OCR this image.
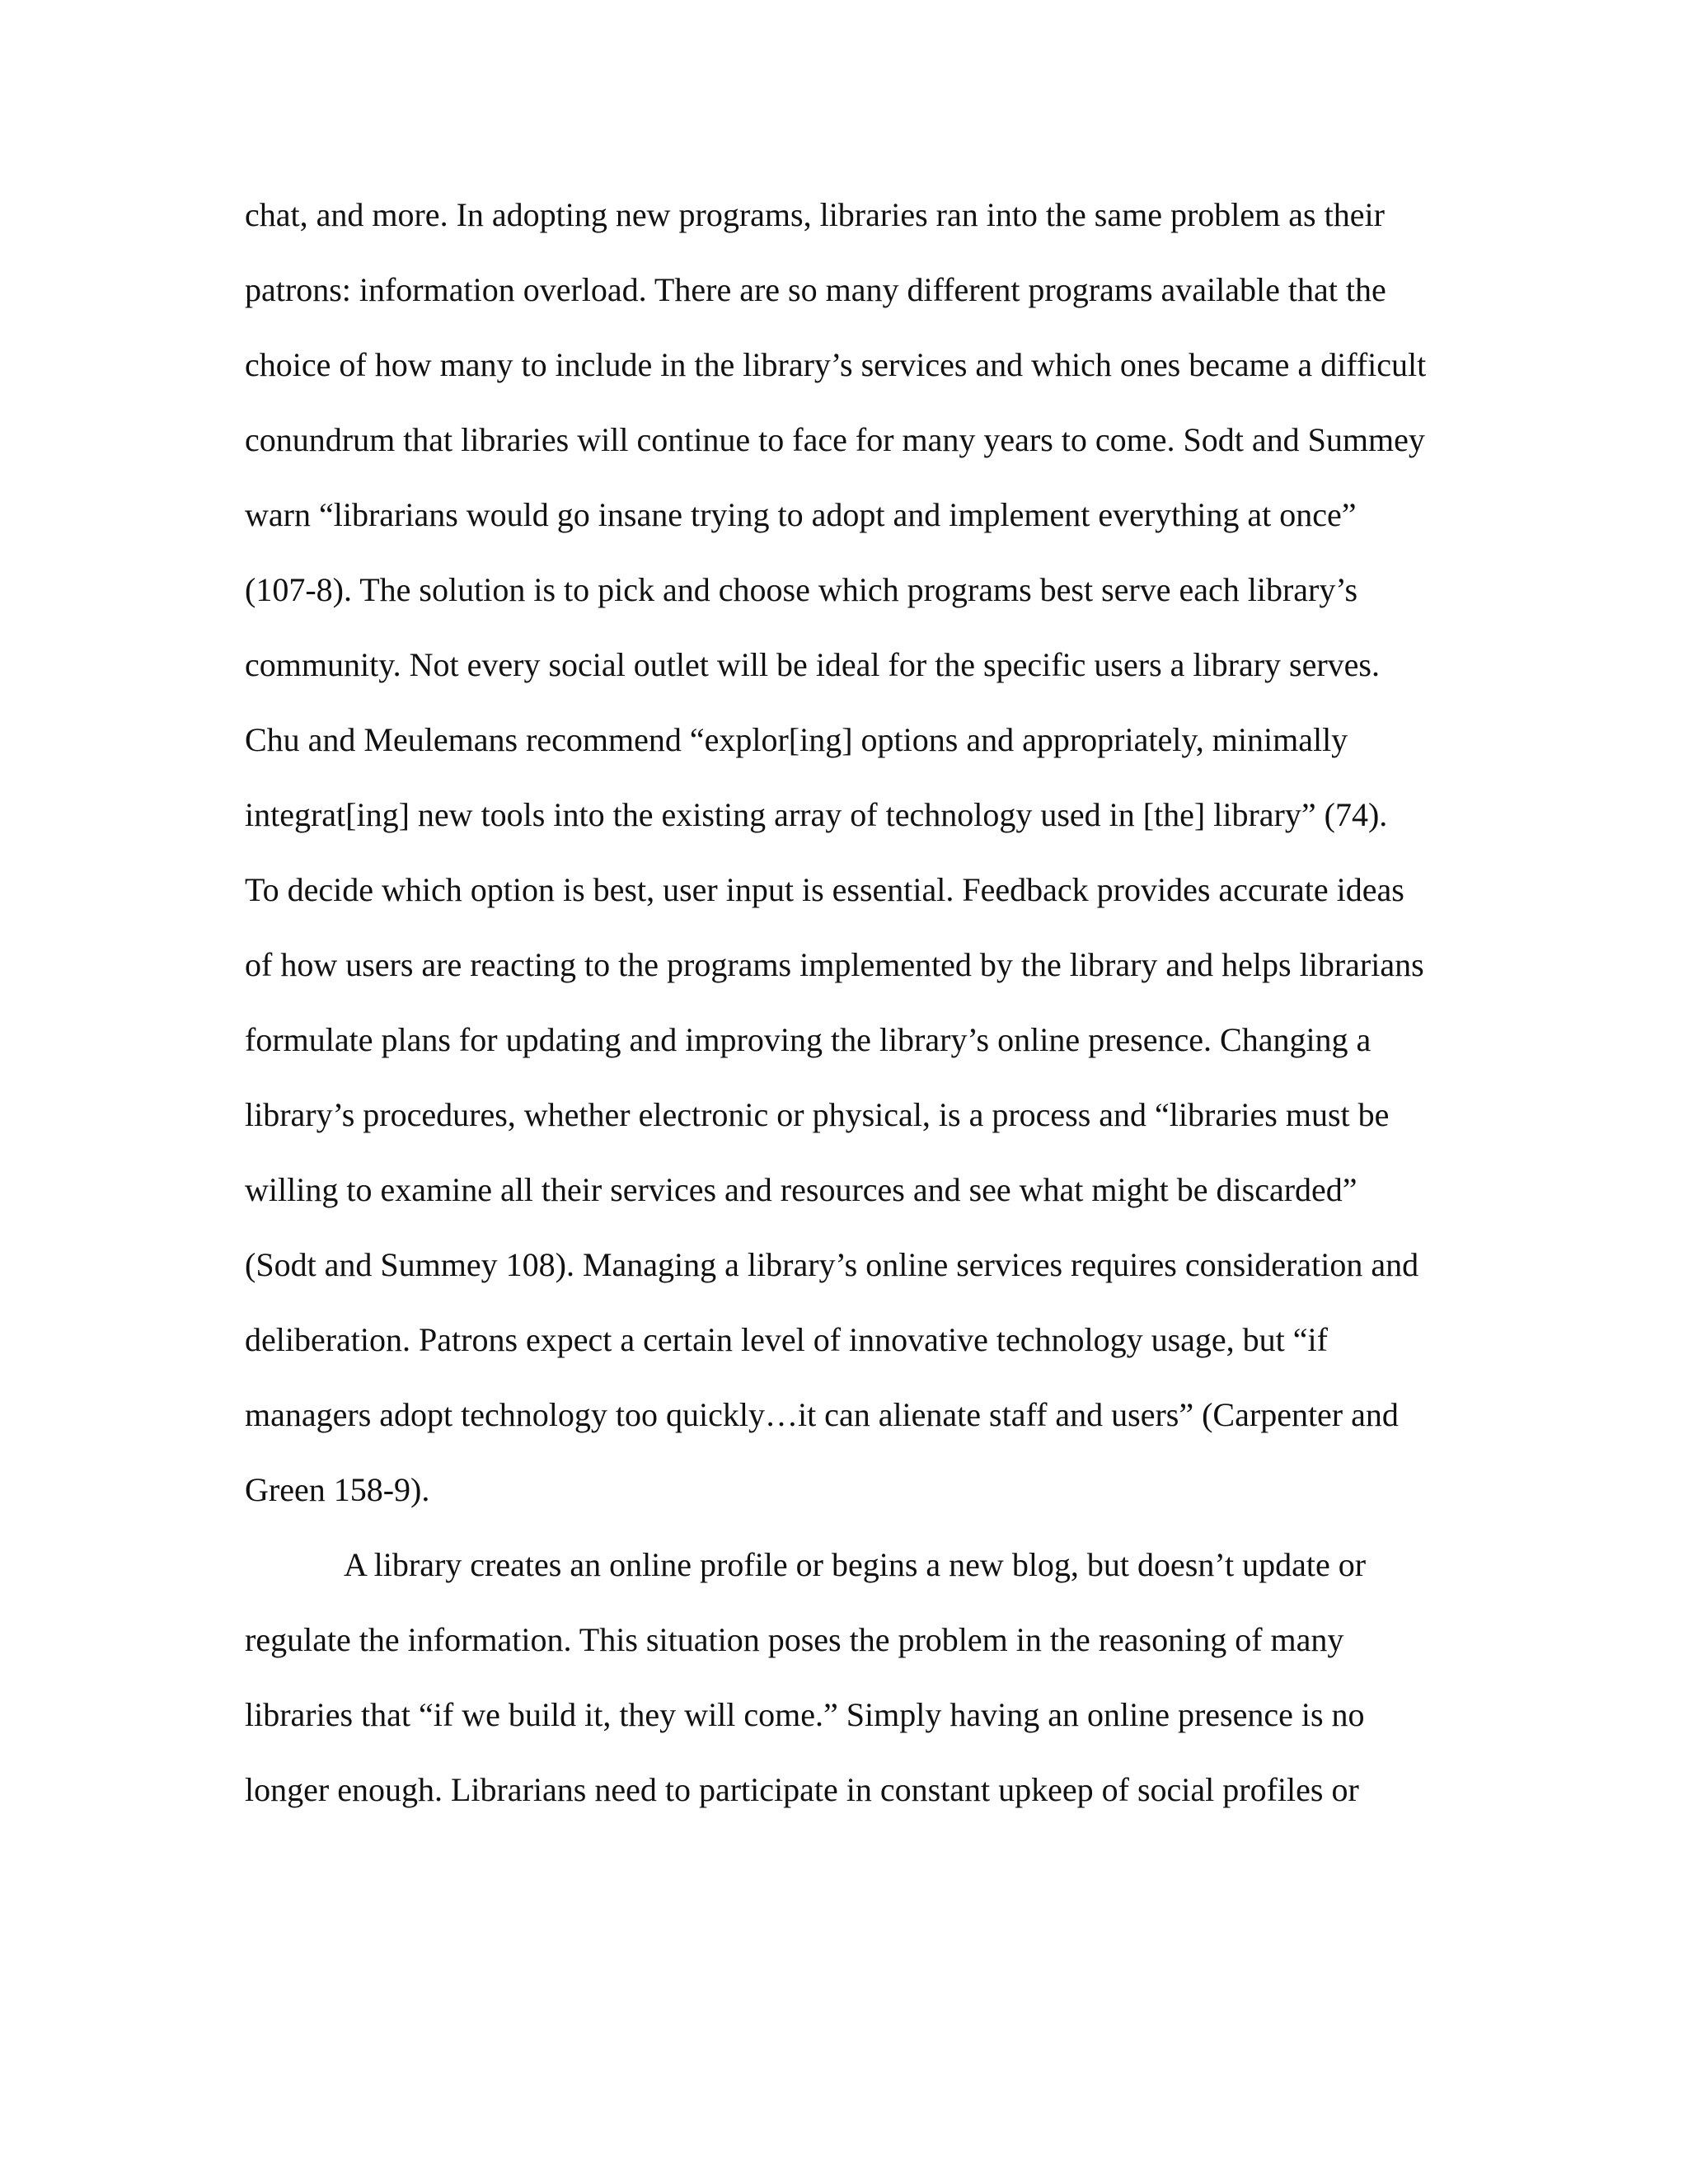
chat, and more. In adopting new programs, libraries ran into the same problem as their
patrons: information overload. There are so many different programs available that the
choice of how many to include in the library’s services and which ones became a difficult
conundrum that libraries will continue to face for many years to come. Sodt and Summey
warn “librarians would go insane trying to adopt and implement everything at once”
(107-8). The solution is to pick and choose which programs best serve each library’s
community. Not every social outlet will be ideal for the specific users a library serves.
Chu and Meulemans recommend “explor[ing] options and appropriately, minimally
integrat[ing] new tools into the existing array of technology used in [the] library” (74).
To decide which option is best, user input is essential. Feedback provides accurate ideas
of how users are reacting to the programs implemented by the library and helps librarians
formulate plans for updating and improving the library’s online presence. Changing a
library’s procedures, whether electronic or physical, is a process and “libraries must be
willing to examine all their services and resources and see what might be discarded”
(Sodt and Summey 108). Managing a library’s online services requires consideration and
deliberation. Patrons expect a certain level of innovative technology usage, but “if
managers adopt technology too quickly…it can alienate staff and users” (Carpenter and
Green 158-9).
A library creates an online profile or begins a new blog, but doesn’t update or
regulate the information. This situation poses the problem in the reasoning of many
libraries that “if we build it, they will come.” Simply having an online presence is no
longer enough. Librarians need to participate in constant upkeep of social profiles or
